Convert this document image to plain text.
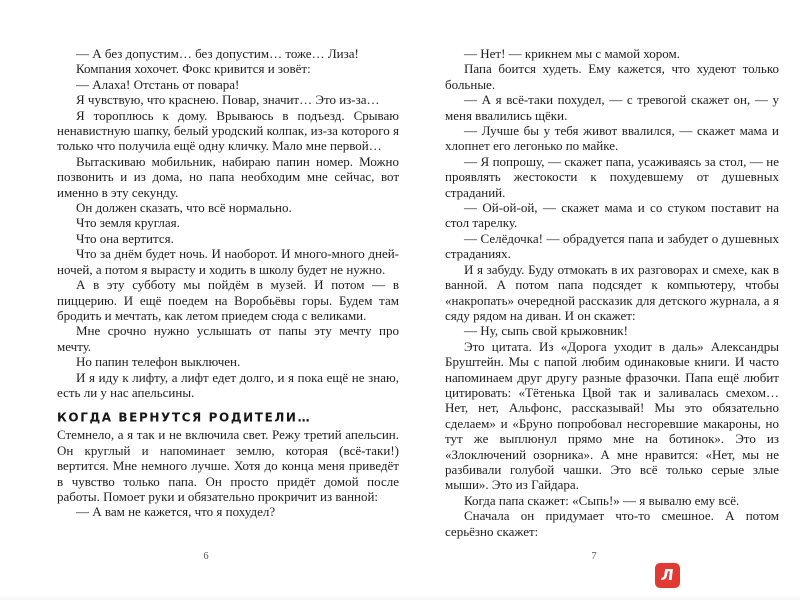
— А без допустим… без допустим… тоже… Лиза!

Компания хохочет. Фокс кривится и зовёт:

— Алаха! Отстань от повара!

Я чувствую, что краснею. Повар, значит… Это из-за…

Я тороплюсь к дому. Врываюсь в подъезд. Срываю ненавистную шапку, белый уродский колпак, из-за которого я только что получила ещё одну кличку. Мало мне первой…

Вытаскиваю мобильник, набираю папин номер. Можно позвонить и из дома, но папа необходим мне сейчас, вот именно в эту секунду.

Он должен сказать, что всё нормально.

Что земля круглая.

Что она вертится.

Что за днём будет ночь. И наоборот. И много-много дней-ночей, а потом я вырасту и ходить в школу будет не нужно.

А в эту субботу мы пойдём в музей. И потом — в пиццерию. И ещё поедем на Воробьёвы горы. Будем там бродить и мечтать, как летом приедем сюда с великами.

Мне срочно нужно услышать от папы эту мечту про мечту.

Но папин телефон выключен.

И я иду к лифту, а лифт едет долго, и я пока ещё не знаю, есть ли у нас апельсины.

КОГДА ВЕРНУТСЯ РОДИТЕЛИ…

Стемнело, а я так и не включила свет. Режу третий апельсин. Он круглый и напоминает землю, которая (всё-таки!) вертится. Мне немного лучше. Хотя до конца меня приведёт в чувство только папа. Он просто придёт домой после работы. Помоет руки и обязательно прокричит из ванной:

— А вам не кажется, что я похудел?

— Нет! — крикнем мы с мамой хором.

Папа боится худеть. Ему кажется, что худеют только больные.

— А я всё-таки похудел, — с тревогой скажет он, — у меня ввалились щёки.

— Лучше бы у тебя живот ввалился, — скажет мама и хлопнет его легонько по майке.

— Я попрошу, — скажет папа, усаживаясь за стол, — не проявлять жестокости к похудевшему от душевных страданий.

— Ой-ой-ой, — скажет мама и со стуком поставит на стол тарелку.

— Селёдочка! — обрадуется папа и забудет о душевных страданиях.

И я забуду. Буду отмокать в их разговорах и смехе, как в ванной. А потом папа подсядет к компьютеру, чтобы «накропать» очередной рассказик для детского журнала, а я сяду рядом на диван. И он скажет:

— Ну, сыпь свой крыжовник!

Это цитата. Из «Дорога уходит в даль» Александры Бруштейн. Мы с папой любим одинаковые книги. И часто напоминаем друг другу разные фразочки. Папа ещё любит цитировать: «Тётенька Цвой так и заливалась смехом… Нет, нет, Альфонс, рассказывай! Мы это обязательно сделаем» и «Бруно попробовал несгоревшие макароны, но тут же выплюнул прямо мне на ботинок». Это из «Злоключений озорника». А мне нравится: «Нет, мы не разбивали голубой чашки. Это всё только серые злые мыши». Это из Гайдара.

Когда папа скажет: «Сыпь!» — я вывалю ему всё.

Сначала он придумает что-то смешное. А потом серьёзно скажет:

6	7
Л
